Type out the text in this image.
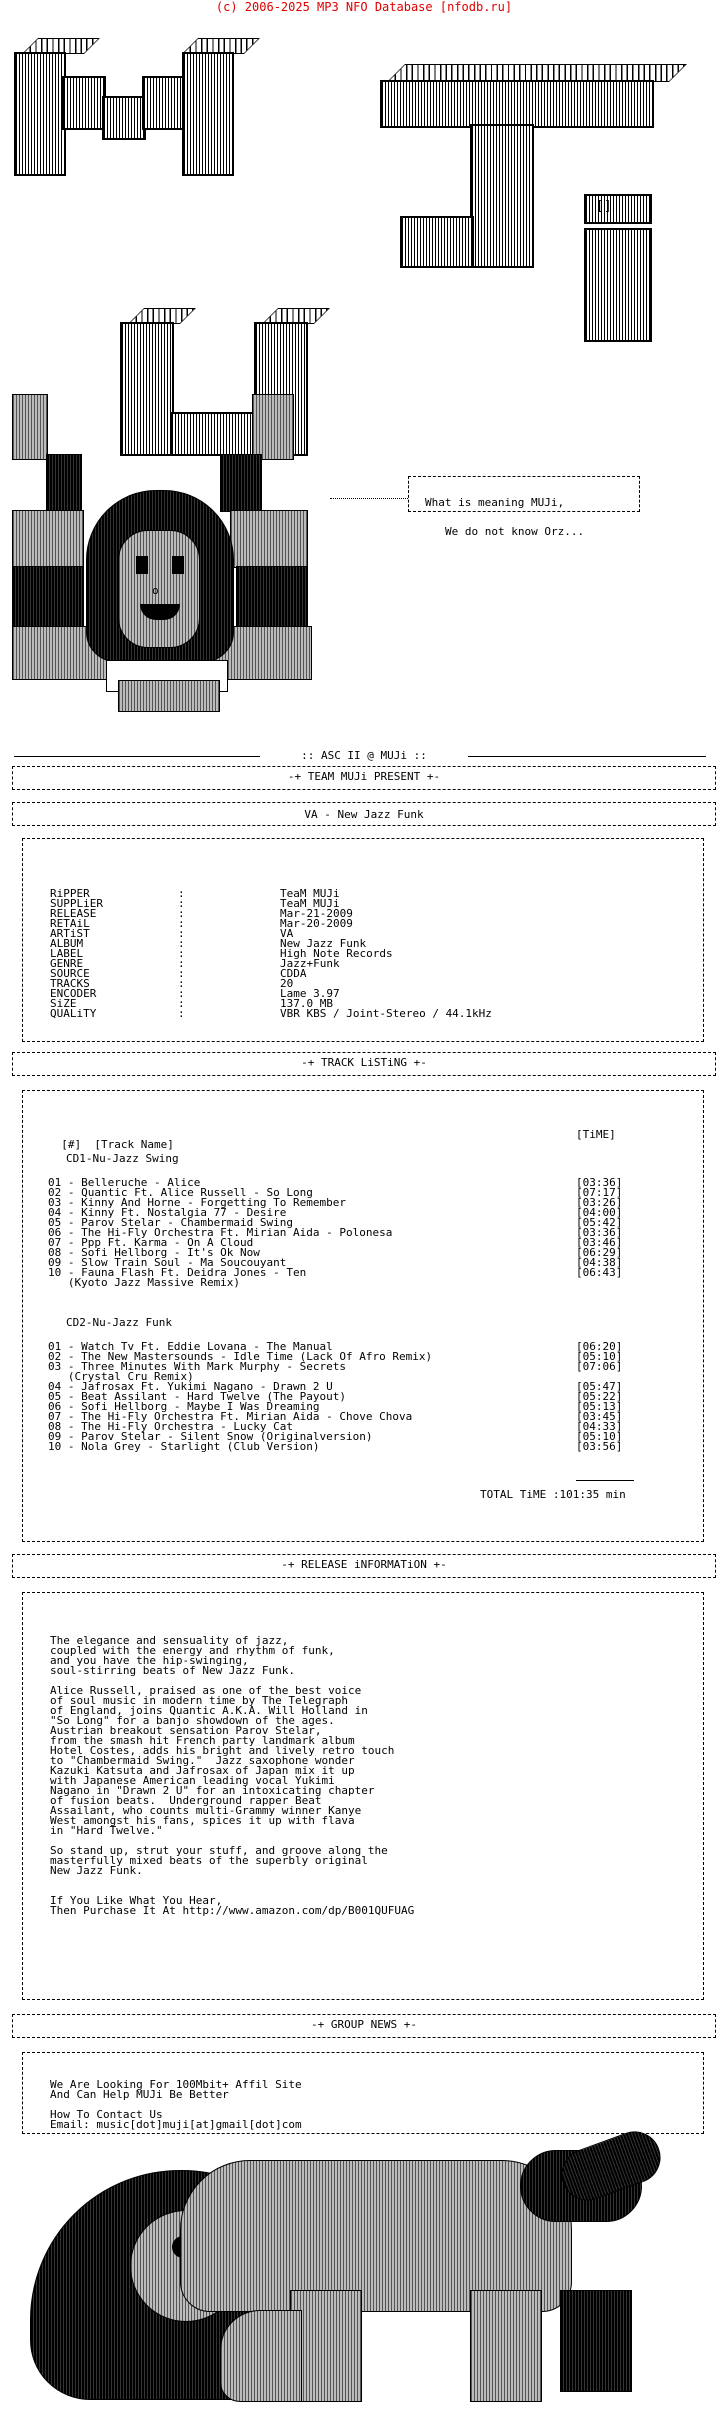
(c) 2006-2025 MP3 NFO Database [nfodb.ru]
[]

What is meaning MUJi,

We do not know Orz...

o
:: ASC II @ MUJi ::
-+ TEAM MUJi PRESENT +-
VA - New Jazz Funk

RiPPER	:	TeaM MUJi
SUPPLiER	:	TeaM MUJi
RELEASE	:	Mar-21-2009
RETAiL	:	Mar-20-2009
ARTiST	:	VA
ALBUM	:	New Jazz Funk
LABEL	:	High Note Records
GENRE	:	Jazz+Funk
SOURCE	:	CDDA
TRACKS	:	20
ENCODER	:	Lame 3.97
SiZE	:	137.0 MB
QUALiTY	:	VBR KBS / Joint-Stereo / 44.1kHz

-+ TRACK LiSTiNG +-

[#]  [Track Name]

[TiME]
CD1-Nu-Jazz Swing
01 - Belleruche - Alice	[03:36]
02 - Quantic Ft. Alice Russell - So Long	[07:17]
03 - Kinny And Horne - Forgetting To Remember	[03:26]
04 - Kinny Ft. Nostalgia 77 - Desire	[04:00]
05 - Parov Stelar - Chambermaid Swing	[05:42]
06 - The Hi-Fly Orchestra Ft. Mirian Aida - Polonesa	[03:36]
07 - Ppp Ft. Karma - On A Cloud	[03:46]
08 - Sofi Hellborg - It's Ok Now	[06:29]
09 - Slow Train Soul - Ma Soucouyant	[04:38]
10 - Fauna Flash Ft. Deidra Jones - Ten	[06:43]
(Kyoto Jazz Massive Remix)
CD2-Nu-Jazz Funk
01 - Watch Tv Ft. Eddie Lovana - The Manual	[06:20]
02 - The New Mastersounds - Idle Time (Lack Of Afro Remix)	[05:10]
03 - Three Minutes With Mark Murphy - Secrets	[07:06]
(Crystal Cru Remix)
04 - Jafrosax Ft. Yukimi Nagano - Drawn 2 U	[05:47]
05 - Beat Assilant - Hard Twelve (The Payout)	[05:22]
06 - Sofi Hellborg - Maybe I Was Dreaming	[05:13]
07 - The Hi-Fly Orchestra Ft. Mirian Aida - Chove Chova	[03:45]
08 - The Hi-Fly Orchestra - Lucky Cat	[04:33]
09 - Parov Stelar - Silent Snow (Originalversion)	[05:10]
10 - Nola Grey - Starlight (Club Version)	[03:56]
TOTAL TiME :101:35 min
-+ RELEASE iNFORMATiON +-
The elegance and sensuality of jazz,
coupled with the energy and rhythm of funk,
and you have the hip-swinging,
soul-stirring beats of New Jazz Funk.
Alice Russell, praised as one of the best voice
of soul music in modern time by The Telegraph
of England, joins Quantic A.K.A. Will Holland in
"So Long" for a banjo showdown of the ages.
Austrian breakout sensation Parov Stelar,
from the smash hit French party landmark album
Hotel Costes, adds his bright and lively retro touch
to "Chambermaid Swing."  Jazz saxophone wonder
Kazuki Katsuta and Jafrosax of Japan mix it up
with Japanese American leading vocal Yukimi
Nagano in "Drawn 2 U" for an intoxicating chapter
of fusion beats.  Underground rapper Beat
Assailant, who counts multi-Grammy winner Kanye
West amongst his fans, spices it up with flava
in "Hard Twelve."
So stand up, strut your stuff, and groove along the
masterfully mixed beats of the superbly original
New Jazz Funk.
If You Like What You Hear,
Then Purchase It At http://www.amazon.com/dp/B001QUFUAG
-+ GROUP NEWS +-
We Are Looking For 100Mbit+ Affil Site
And Can Help MUJi Be Better
How To Contact Us
Email: music[dot]muji[at]gmail[dot]com
